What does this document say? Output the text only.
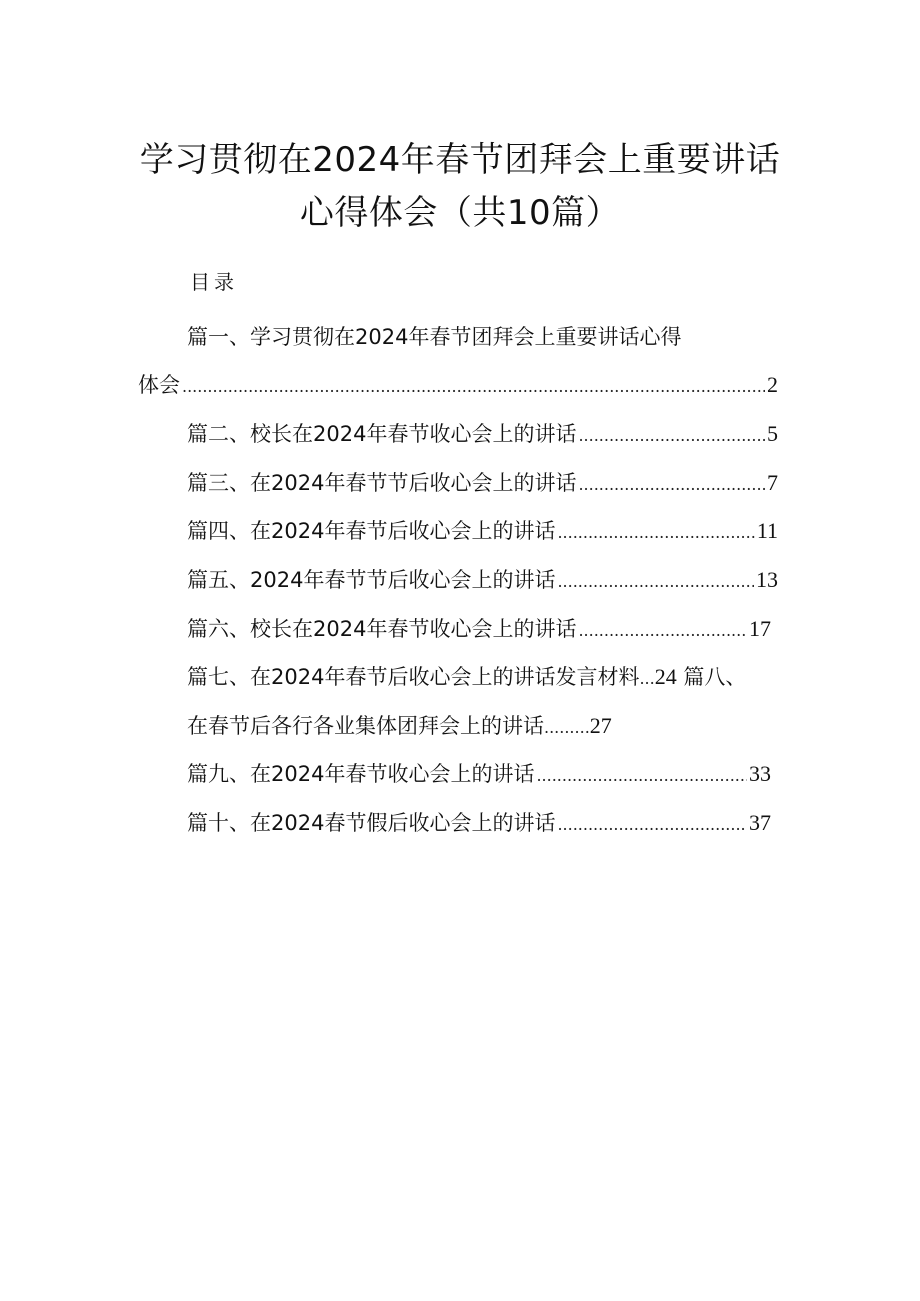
学习贯彻在2024年春节团拜会上重要讲话
心得体会（共10篇）
目录
篇一、学习贯彻在2024年春节团拜会上重要讲话心得
体会 .....	2
篇二、校长在2024年春节收心会上的讲话 .....	5
篇三、在2024年春节节后收心会上的讲话 .....	7
篇四、在2024年春节后收心会上的讲话 .....	11
篇五、2024年春节节后收心会上的讲话 .....	13
篇六、校长在2024年春节收心会上的讲话 .....	17
篇七、在2024年春节后收心会上的讲话发言材料...24 篇八、
在春节后各行各业集体团拜会上的讲话.........27
篇九、在2024年春节收心会上的讲话 .....	33
篇十、在2024春节假后收心会上的讲话 .....	37
